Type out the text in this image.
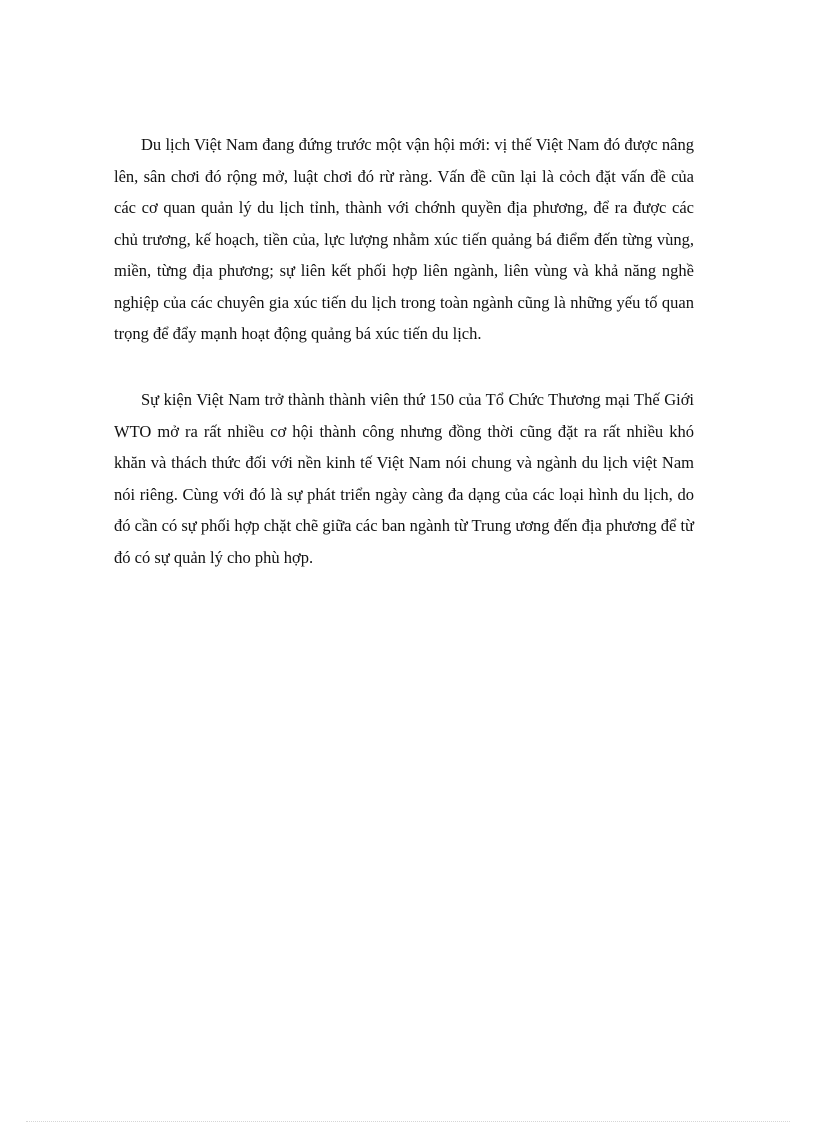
Du lịch Việt Nam đang đứng trước một vận hội mới: vị thế Việt Nam đó được nâng lên, sân chơi đó rộng mở, luật chơi đó rừ ràng. Vấn đề cũn lại là cỏch đặt vấn đề của các cơ quan quản lý du lịch tỉnh, thành với chớnh quyền địa phương, để ra được các chủ trương, kế hoạch, tiền của, lực lượng nhằm xúc tiến quảng bá điểm đến từng vùng, miền, từng địa phương; sự liên kết phối hợp liên ngành, liên vùng và khả năng nghề nghiệp của các chuyên gia xúc tiến du lịch trong toàn ngành cũng là những yếu tố quan trọng để đẩy mạnh hoạt động quảng bá xúc tiến du lịch.

Sự kiện Việt Nam trở thành thành viên thứ 150 của Tổ Chức Thương mại Thế Giới WTO mở ra rất nhiều cơ hội thành công nhưng đồng thời cũng đặt ra rất nhiều khó khăn và thách thức đối với nền kinh tế Việt Nam nói chung và ngành du lịch việt Nam nói riêng. Cùng với đó là sự phát triển ngày càng đa dạng của các loại hình du lịch, do đó cần có sự phối hợp chặt chẽ giữa các ban ngành từ Trung ương đến địa phương để từ đó có sự quản lý cho phù hợp.
